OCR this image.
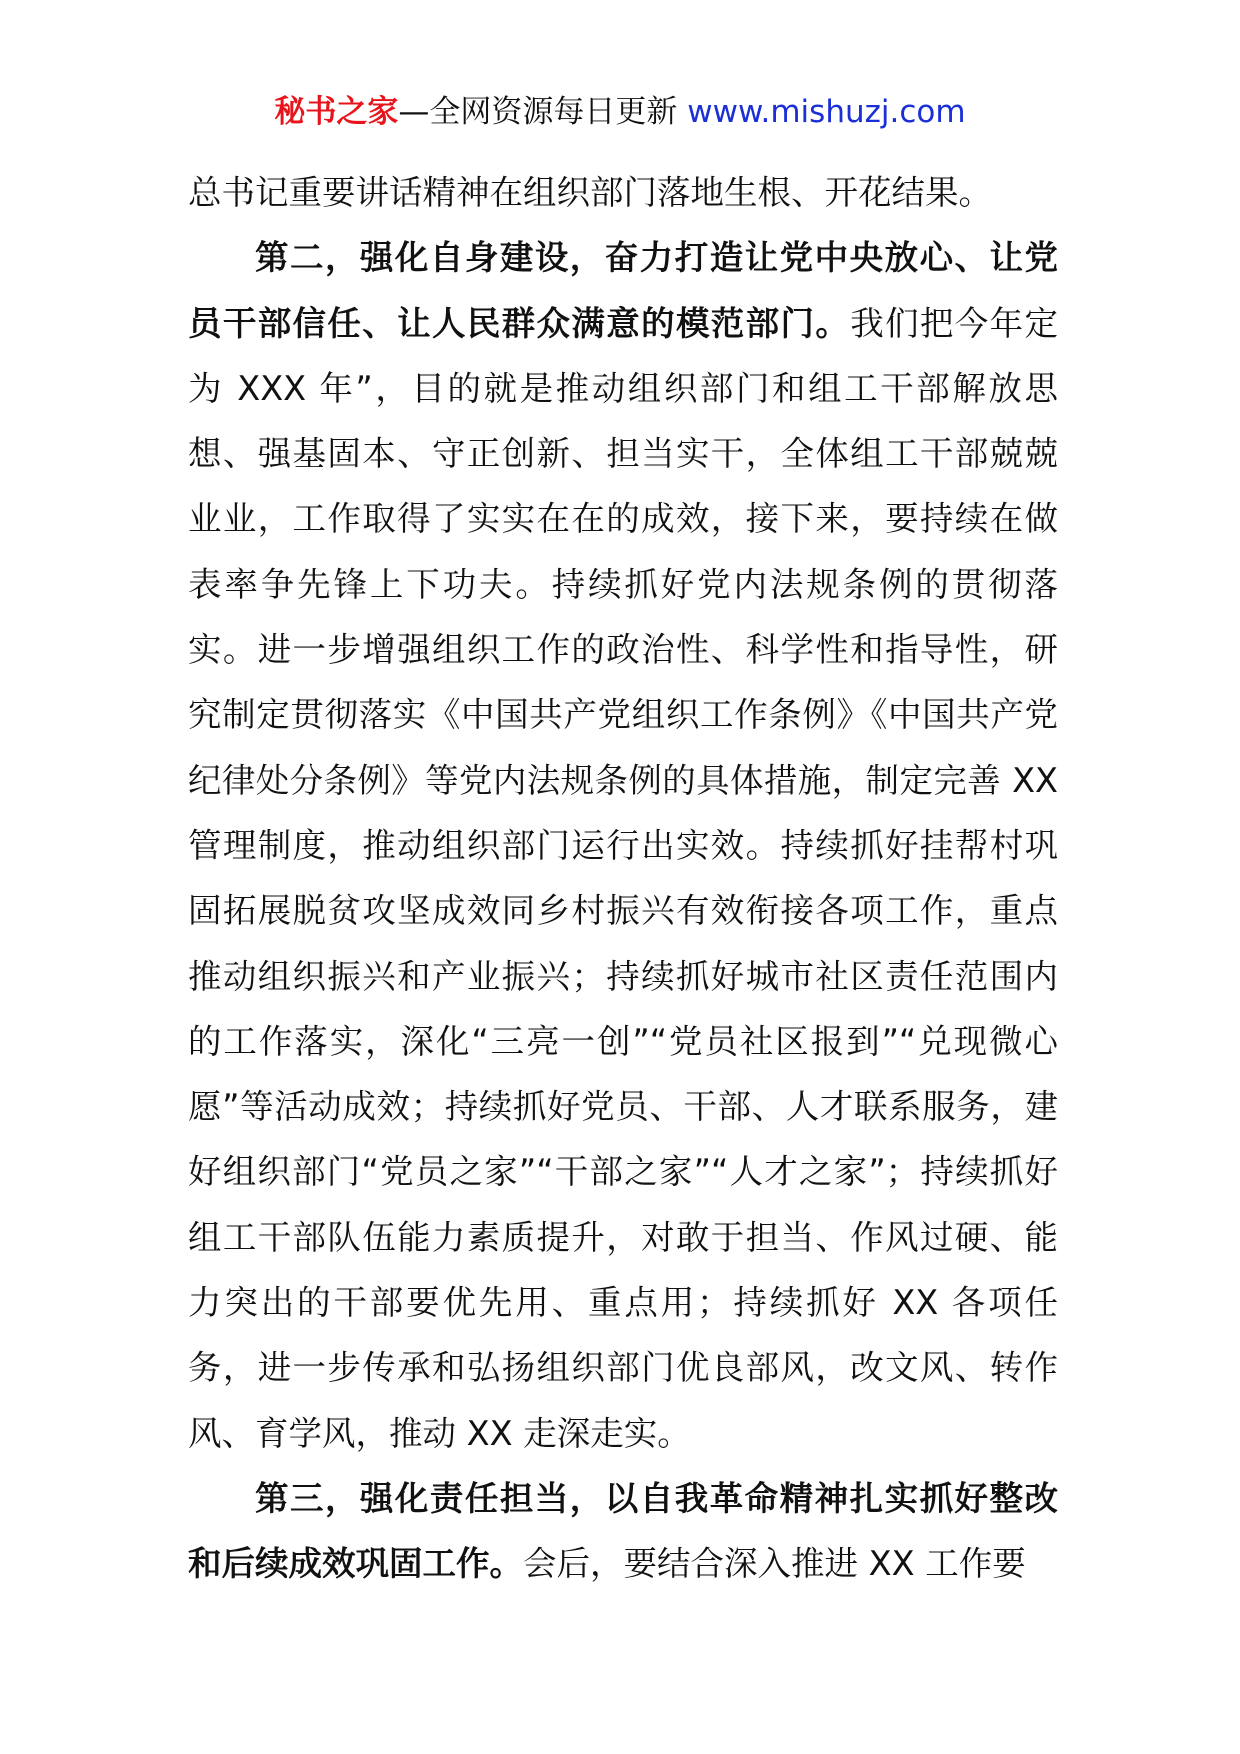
秘书之家—全网资源每日更新 www.mishuzj.com

总书记重要讲话精神在组织部门落地生根、开花结果。

第二，强化自身建设，奋力打造让党中央放心、让党员干部信任、让人民群众满意的模范部门。我们把今年定为 XXX 年”，目的就是推动组织部门和组工干部解放思想、强基固本、守正创新、担当实干，全体组工干部兢兢业业，工作取得了实实在在的成效，接下来，要持续在做表率争先锋上下功夫。持续抓好党内法规条例的贯彻落实。进一步增强组织工作的政治性、科学性和指导性，研究制定贯彻落实《中国共产党组织工作条例》《中国共产党纪律处分条例》等党内法规条例的具体措施，制定完善 XX 管理制度，推动组织部门运行出实效。持续抓好挂帮村巩固拓展脱贫攻坚成效同乡村振兴有效衔接各项工作，重点推动组织振兴和产业振兴；持续抓好城市社区责任范围内的工作落实，深化“三亮一创”“党员社区报到”“兑现微心愿”等活动成效；持续抓好党员、干部、人才联系服务，建好组织部门“党员之家”“干部之家”“人才之家”；持续抓好组工干部队伍能力素质提升，对敢于担当、作风过硬、能力突出的干部要优先用、重点用；持续抓好 XX 各项任务，进一步传承和弘扬组织部门优良部风，改文风、转作风、育学风，推动 XX 走深走实。

第三，强化责任担当，以自我革命精神扎实抓好整改和后续成效巩固工作。会后，要结合深入推进 XX 工作要
